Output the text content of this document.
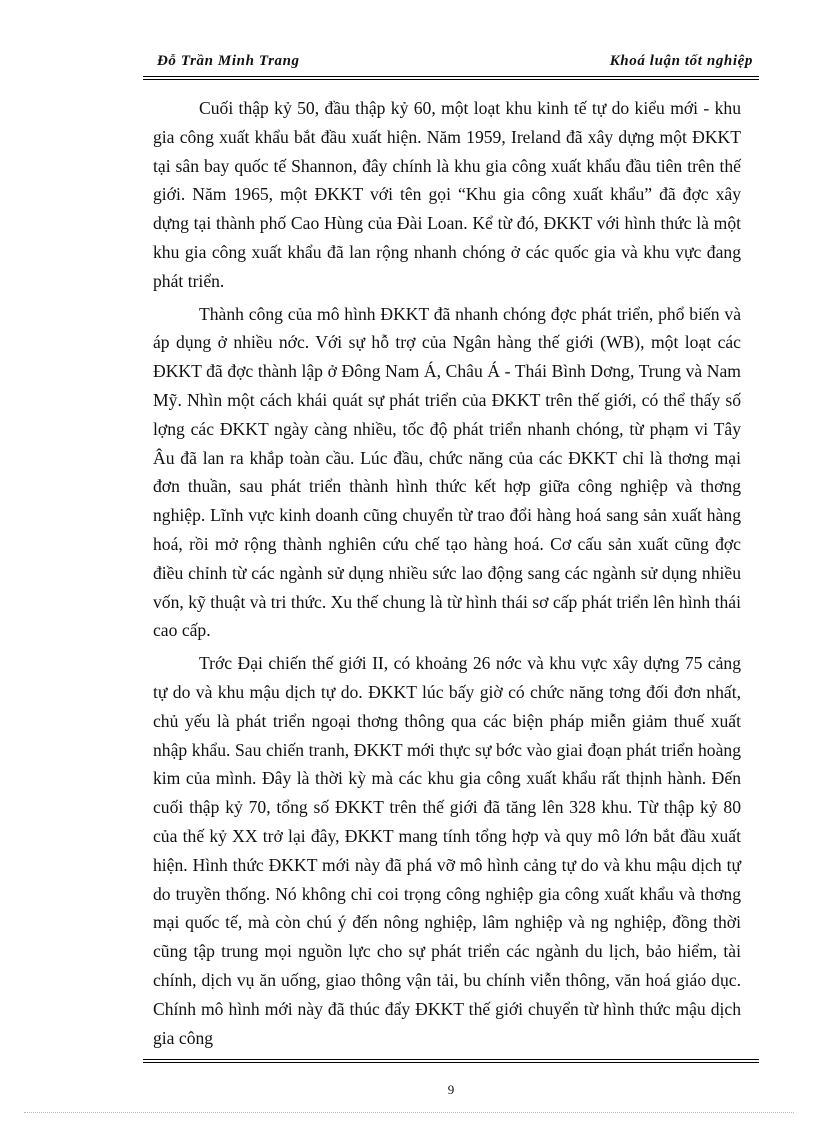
Đỗ Trần Minh Trang	Khoá luận tốt nghiệp

Cuối thập kỷ 50, đầu thập kỷ 60, một loạt khu kinh tế tự do kiểu mới - khu gia công xuất khẩu bắt đầu xuất hiện. Năm 1959, Ireland đã xây dựng một ĐKKT tại sân bay quốc tế Shannon, đây chính là khu gia công xuất khẩu đầu tiên trên thế giới. Năm 1965, một ĐKKT với tên gọi “Khu gia công xuất khẩu” đã đợc xây dựng tại thành phố Cao Hùng của Đài Loan. Kể từ đó, ĐKKT với hình thức là một khu gia công xuất khẩu đã lan rộng nhanh chóng ở các quốc gia và khu vực đang phát triển.

Thành công của mô hình ĐKKT đã nhanh chóng đợc phát triển, phổ biến và áp dụng ở nhiều nớc. Với sự hỗ trợ của Ngân hàng thế giới (WB), một loạt các ĐKKT đã đợc thành lập ở Đông Nam Á, Châu Á - Thái Bình Dơng, Trung và Nam Mỹ. Nhìn một cách khái quát sự phát triển của ĐKKT trên thế giới, có thể thấy số lợng các ĐKKT ngày càng nhiều, tốc độ phát triển nhanh chóng, từ phạm vi Tây Âu đã lan ra khắp toàn cầu. Lúc đầu, chức năng của các ĐKKT chỉ là thơng mại đơn thuần, sau phát triển thành hình thức kết hợp giữa công nghiệp và thơng nghiệp. Lĩnh vực kinh doanh cũng chuyển từ trao đổi hàng hoá sang sản xuất hàng hoá, rồi mở rộng thành nghiên cứu chế tạo hàng hoá. Cơ cấu sản xuất cũng đợc điều chỉnh từ các ngành sử dụng nhiều sức lao động sang các ngành sử dụng nhiều vốn, kỹ thuật và tri thức. Xu thế chung là từ hình thái sơ cấp phát triển lên hình thái cao cấp.

Trớc Đại chiến thế giới II, có khoảng 26 nớc và khu vực xây dựng 75 cảng tự do và khu mậu dịch tự do. ĐKKT lúc bấy giờ có chức năng tơng đối đơn nhất, chủ yếu là phát triển ngoại thơng thông qua các biện pháp miễn giảm thuế xuất nhập khẩu. Sau chiến tranh, ĐKKT mới thực sự bớc vào giai đoạn phát triển hoàng kim của mình. Đây là thời kỳ mà các khu gia công xuất khẩu rất thịnh hành. Đến cuối thập kỷ 70, tổng số ĐKKT trên thế giới đã tăng lên 328 khu. Từ thập kỷ 80 của thế kỷ XX trở lại đây, ĐKKT mang tính tổng hợp và quy mô lớn bắt đầu xuất hiện. Hình thức ĐKKT mới này đã phá vỡ mô hình cảng tự do và khu mậu dịch tự do truyền thống. Nó không chỉ coi trọng công nghiệp gia công xuất khẩu và thơng mại quốc tế, mà còn chú ý đến nông nghiệp, lâm nghiệp và ng nghiệp, đồng thời cũng tập trung mọi nguồn lực cho sự phát triển các ngành du lịch, bảo hiểm, tài chính, dịch vụ ăn uống, giao thông vận tải, bu chính viễn thông, văn hoá giáo dục. Chính mô hình mới này đã thúc đẩy ĐKKT thế giới chuyển từ hình thức mậu dịch gia công

9
